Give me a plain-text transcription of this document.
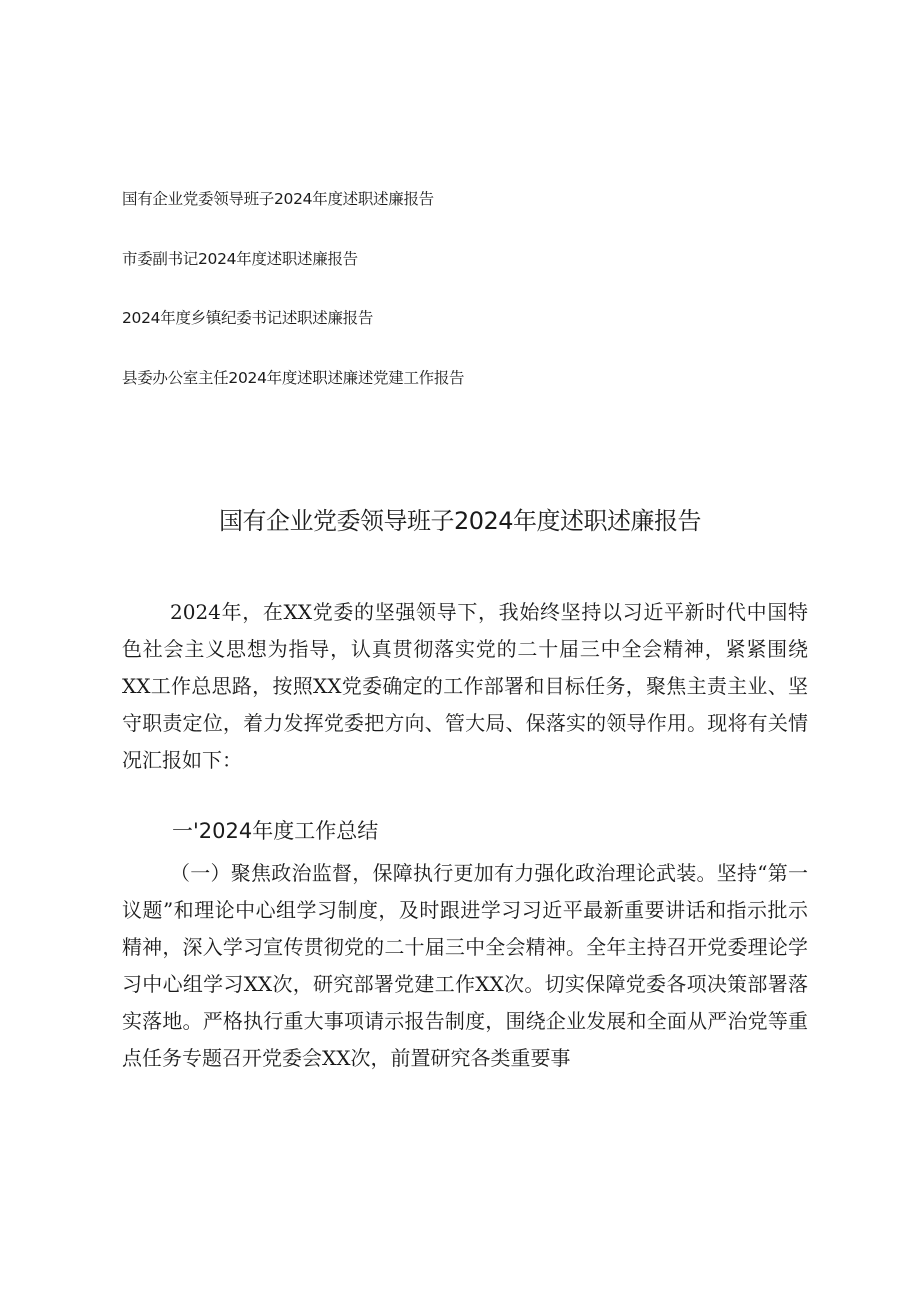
国有企业党委领导班子2024年度述职述廉报告
市委副书记2024年度述职述廉报告
2024年度乡镇纪委书记述职述廉报告
县委办公室主任2024年度述职述廉述党建工作报告
国有企业党委领导班子2024年度述职述廉报告

2024年，在XX党委的坚强领导下，我始终坚持以习近平新时代中国特色社会主义思想为指导，认真贯彻落实党的二十届三中全会精神，紧紧围绕XX工作总思路，按照XX党委确定的工作部署和目标任务，聚焦主责主业、坚守职责定位，着力发挥党委把方向、管大局、保落实的领导作用。现将有关情况汇报如下：

一'2024年度工作总结

（一）聚焦政治监督，保障执行更加有力强化政治理论武装。坚持“第一议题”和理论中心组学习制度，及时跟进学习习近平最新重要讲话和指示批示精神，深入学习宣传贯彻党的二十届三中全会精神。全年主持召开党委理论学习中心组学习XX次，研究部署党建工作XX次。切实保障党委各项决策部署落实落地。严格执行重大事项请示报告制度，围绕企业发展和全面从严治党等重点任务专题召开党委会XX次，前置研究各类重要事
